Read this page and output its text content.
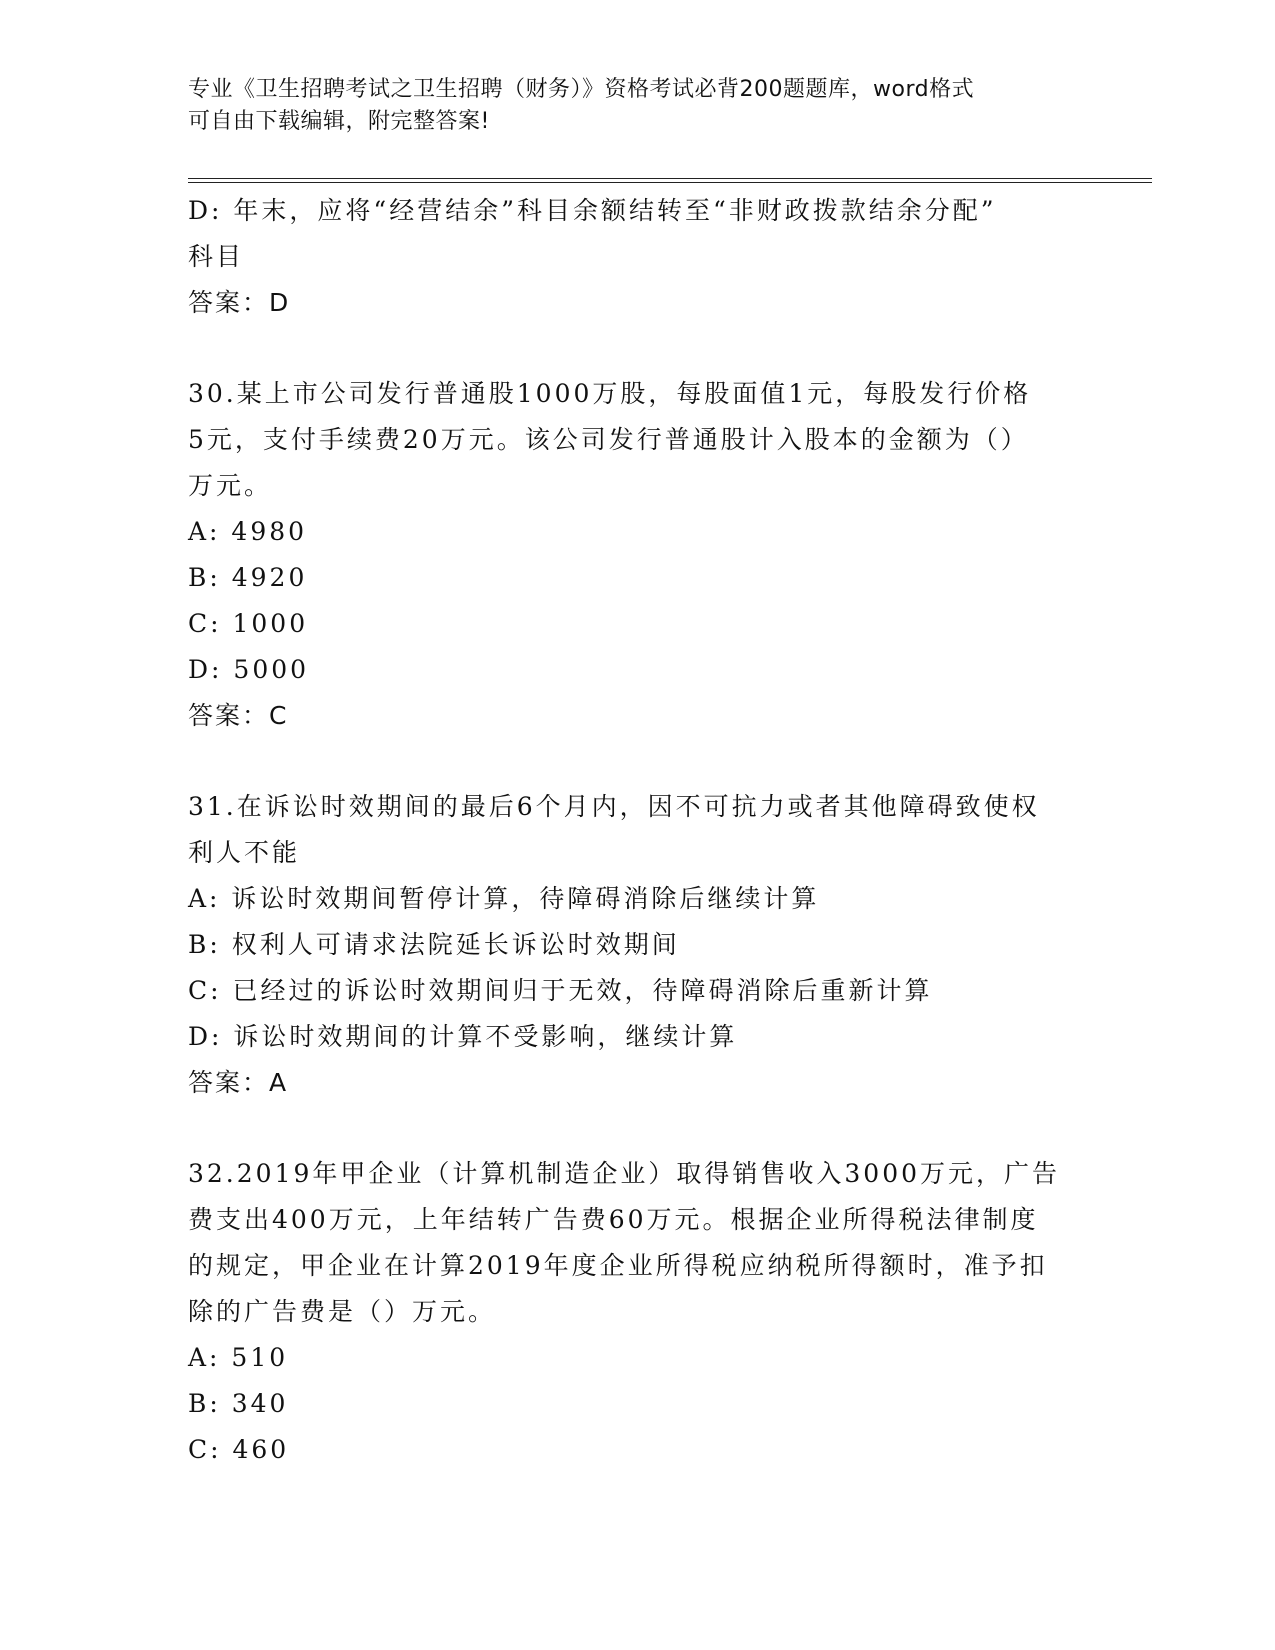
专业《卫生招聘考试之卫生招聘（财务）》资格考试必背200题题库，word格式
可自由下载编辑，附完整答案!
D: 年末，应将“经营结余”科目余额结转至“非财政拨款结余分配”
科目
答案：D
30.某上市公司发行普通股1000万股，每股面值1元，每股发行价格
5元，支付手续费20万元。该公司发行普通股计入股本的金额为（）
万元。
A: 4980
B: 4920
C: 1000
D: 5000
答案：C
31.在诉讼时效期间的最后6个月内，因不可抗力或者其他障碍致使权
利人不能
A: 诉讼时效期间暂停计算，待障碍消除后继续计算
B: 权利人可请求法院延长诉讼时效期间
C: 已经过的诉讼时效期间归于无效，待障碍消除后重新计算
D: 诉讼时效期间的计算不受影响，继续计算
答案：A
32.2019年甲企业（计算机制造企业）取得销售收入3000万元，广告
费支出400万元，上年结转广告费60万元。根据企业所得税法律制度
的规定，甲企业在计算2019年度企业所得税应纳税所得额时，准予扣
除的广告费是（）万元。
A: 510
B: 340
C: 460
